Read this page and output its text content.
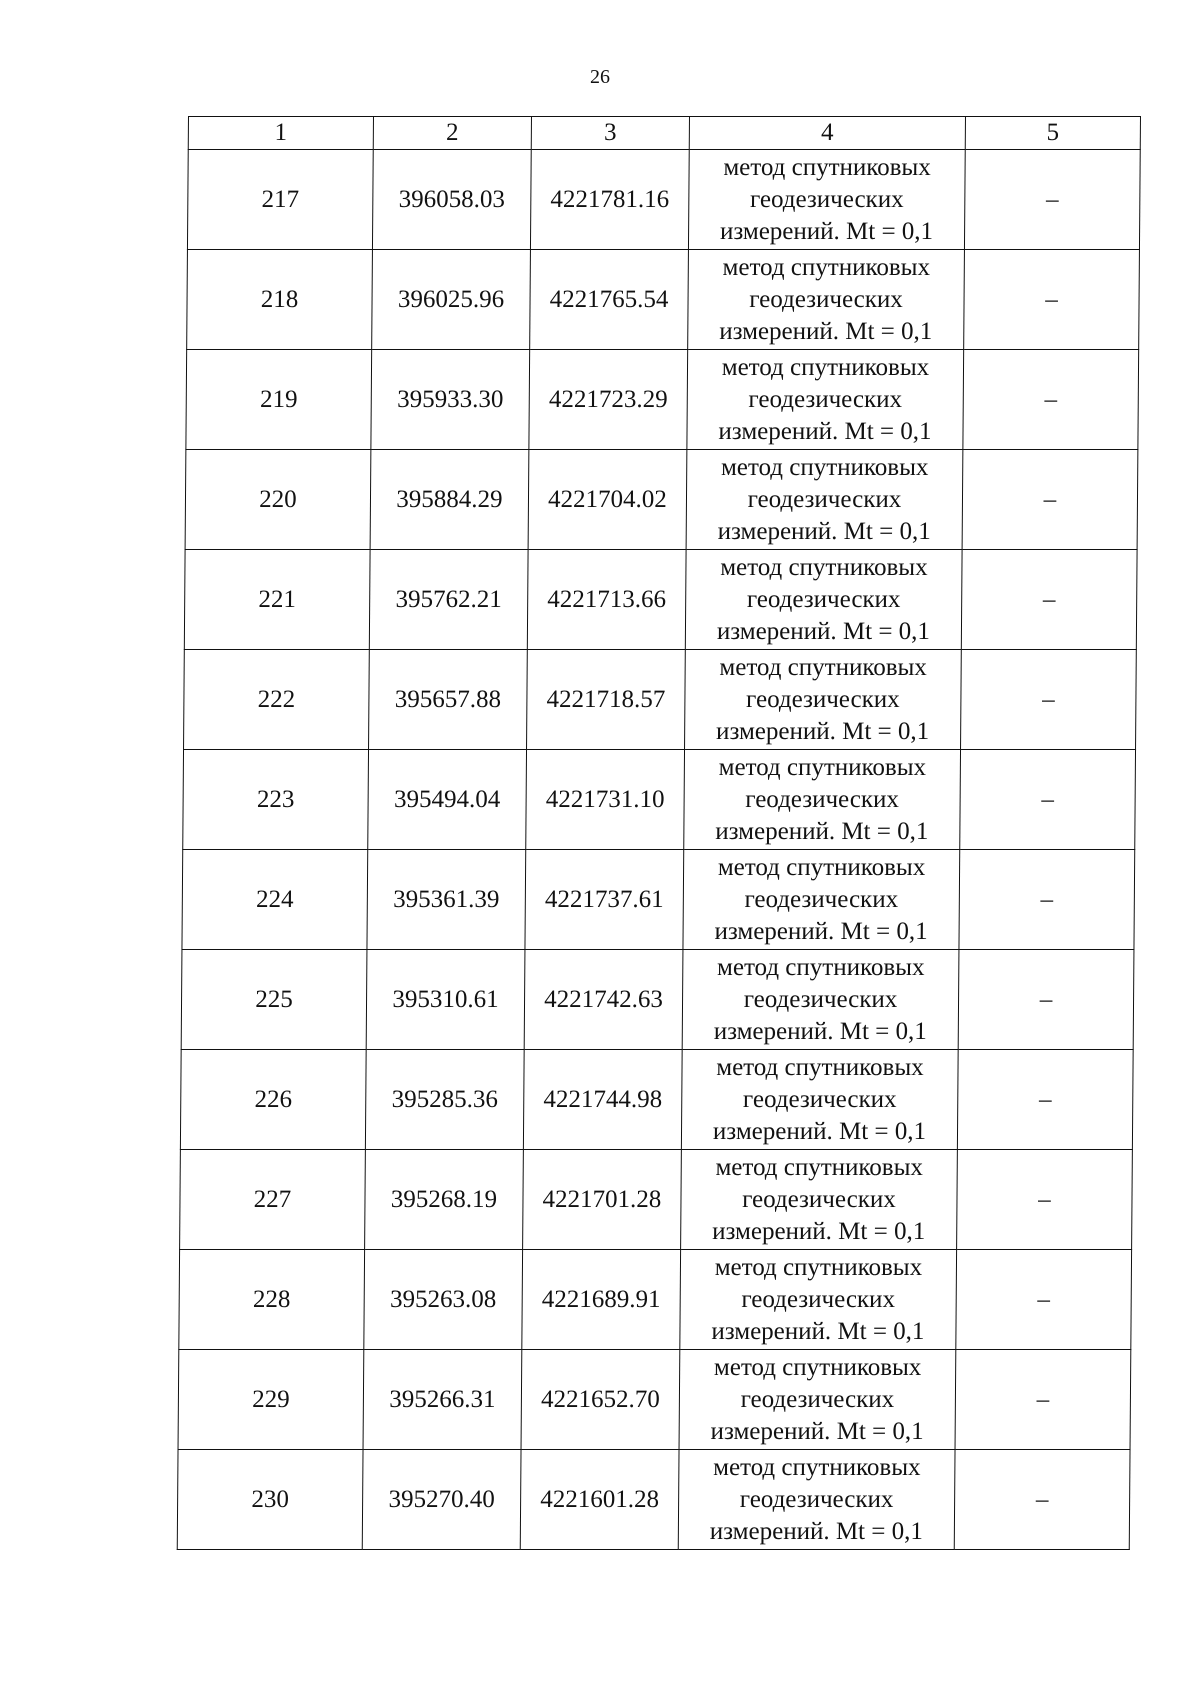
26
1	2	3	4	5
217	396058.03	4221781.16	метод спутниковых
геодезических
измерений. Mt = 0,1	–
218	396025.96	4221765.54	метод спутниковых
геодезических
измерений. Mt = 0,1	–
219	395933.30	4221723.29	метод спутниковых
геодезических
измерений. Mt = 0,1	–
220	395884.29	4221704.02	метод спутниковых
геодезических
измерений. Mt = 0,1	–
221	395762.21	4221713.66	метод спутниковых
геодезических
измерений. Mt = 0,1	–
222	395657.88	4221718.57	метод спутниковых
геодезических
измерений. Mt = 0,1	–
223	395494.04	4221731.10	метод спутниковых
геодезических
измерений. Mt = 0,1	–
224	395361.39	4221737.61	метод спутниковых
геодезических
измерений. Mt = 0,1	–
225	395310.61	4221742.63	метод спутниковых
геодезических
измерений. Mt = 0,1	–
226	395285.36	4221744.98	метод спутниковых
геодезических
измерений. Mt = 0,1	–
227	395268.19	4221701.28	метод спутниковых
геодезических
измерений. Mt = 0,1	–
228	395263.08	4221689.91	метод спутниковых
геодезических
измерений. Mt = 0,1	–
229	395266.31	4221652.70	метод спутниковых
геодезических
измерений. Mt = 0,1	–
230	395270.40	4221601.28	метод спутниковых
геодезических
измерений. Mt = 0,1	–
